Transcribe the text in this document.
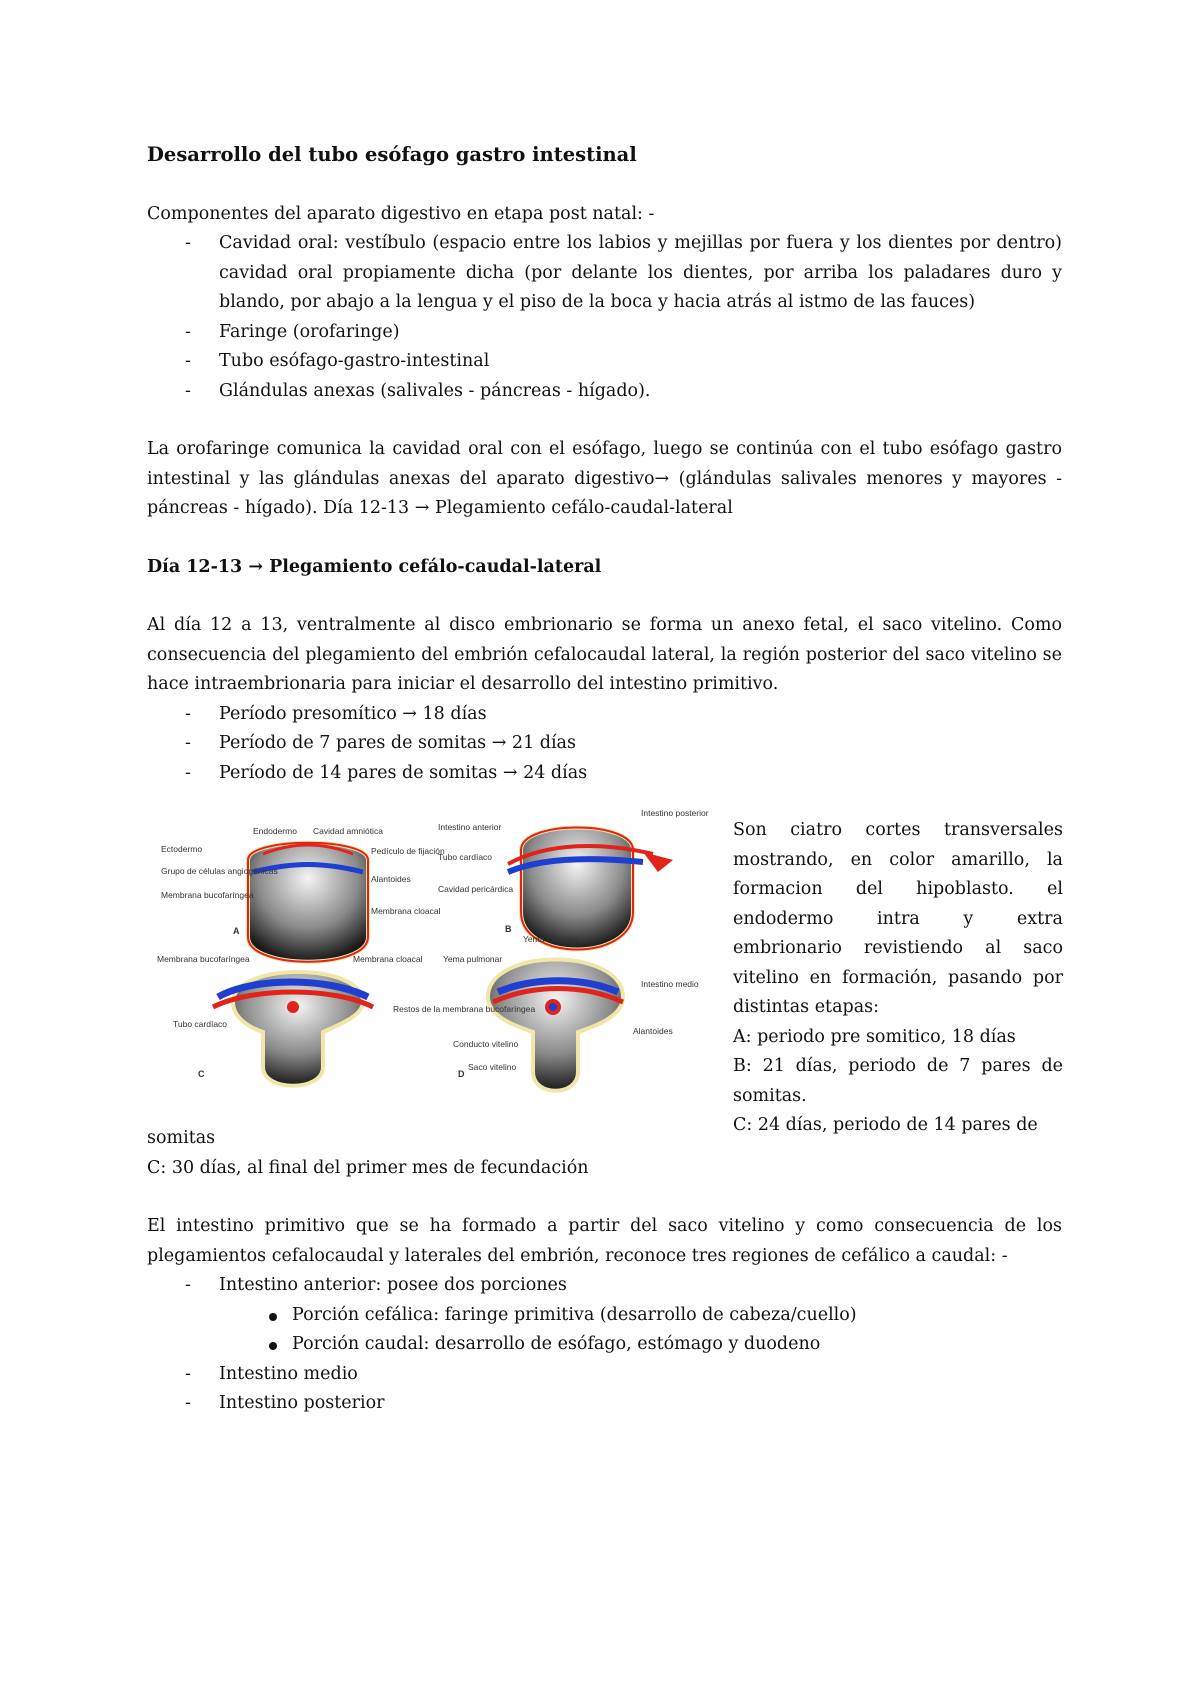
Desarrollo del tubo esófago gastro intestinal

Componentes del aparato digestivo en etapa post natal: -

- Cavidad oral: vestíbulo (espacio entre los labios y mejillas por fuera y los dientes por dentro) cavidad oral propiamente dicha (por delante los dientes, por arriba los paladares duro y blando, por abajo a la lengua y el piso de la boca y hacia atrás al istmo de las fauces)
- Faringe (orofaringe)
- Tubo esófago-gastro-intestinal
- Glándulas anexas (salivales - páncreas - hígado).

La orofaringe comunica la cavidad oral con el esófago, luego se continúa con el tubo esófago gastro intestinal y las glándulas anexas del aparato digestivo→ (glándulas salivales menores y mayores - páncreas - hígado). Día 12-13 → Plegamiento cefálo-caudal-lateral

Día 12-13 → Plegamiento cefálo-caudal-lateral

Al día 12 a 13, ventralmente al disco embrionario se forma un anexo fetal, el saco vitelino. Como consecuencia del plegamiento del embrión cefalocaudal lateral, la región posterior del saco vitelino se hace intraembrionaria para iniciar el desarrollo del intestino primitivo.

- Período presomítico → 18 días
- Período de 7 pares de somitas → 21 días
- Período de 14 pares de somitas → 24 días
A
Endodermo Cavidad amniótica
Ectodermo
Grupo de células angiogénicas
Membrana bucofaríngea
Alantoides
Membrana cloacal
Pedículo de fijación
B
Intestino anterior
Tubo cardíaco
Cavidad pericárdica
Intestino posterior
C
Membrana bucofaríngea	Membrana cloacal
Tubo cardíaco
D
Yema hepática
Yema pulmonar
Restos de la membrana bucofaríngea
Conducto vitelino
Saco vitelino
Intestino medio
Alantoides

Son ciatro cortes transversales mostrando, en color amarillo, la formacion del hipoblasto. el endodermo intra y extra embrionario revistiendo al saco vitelino en formación, pasando por distintas etapas:

A: periodo pre somitico, 18 días

B: 21 días, periodo de 7 pares de somitas.

C: 24 días, periodo de 14 pares de

somitas

C: 30 días, al final del primer mes de fecundación

El intestino primitivo que se ha formado a partir del saco vitelino y como consecuencia de los plegamientos cefalocaudal y laterales del embrión, reconoce tres regiones de cefálico a caudal: -

- Intestino anterior: posee dos porciones
Porción cefálica: faringe primitiva (desarrollo de cabeza/cuello)
Porción caudal: desarrollo de esófago, estómago y duodeno
- Intestino medio
- Intestino posterior
